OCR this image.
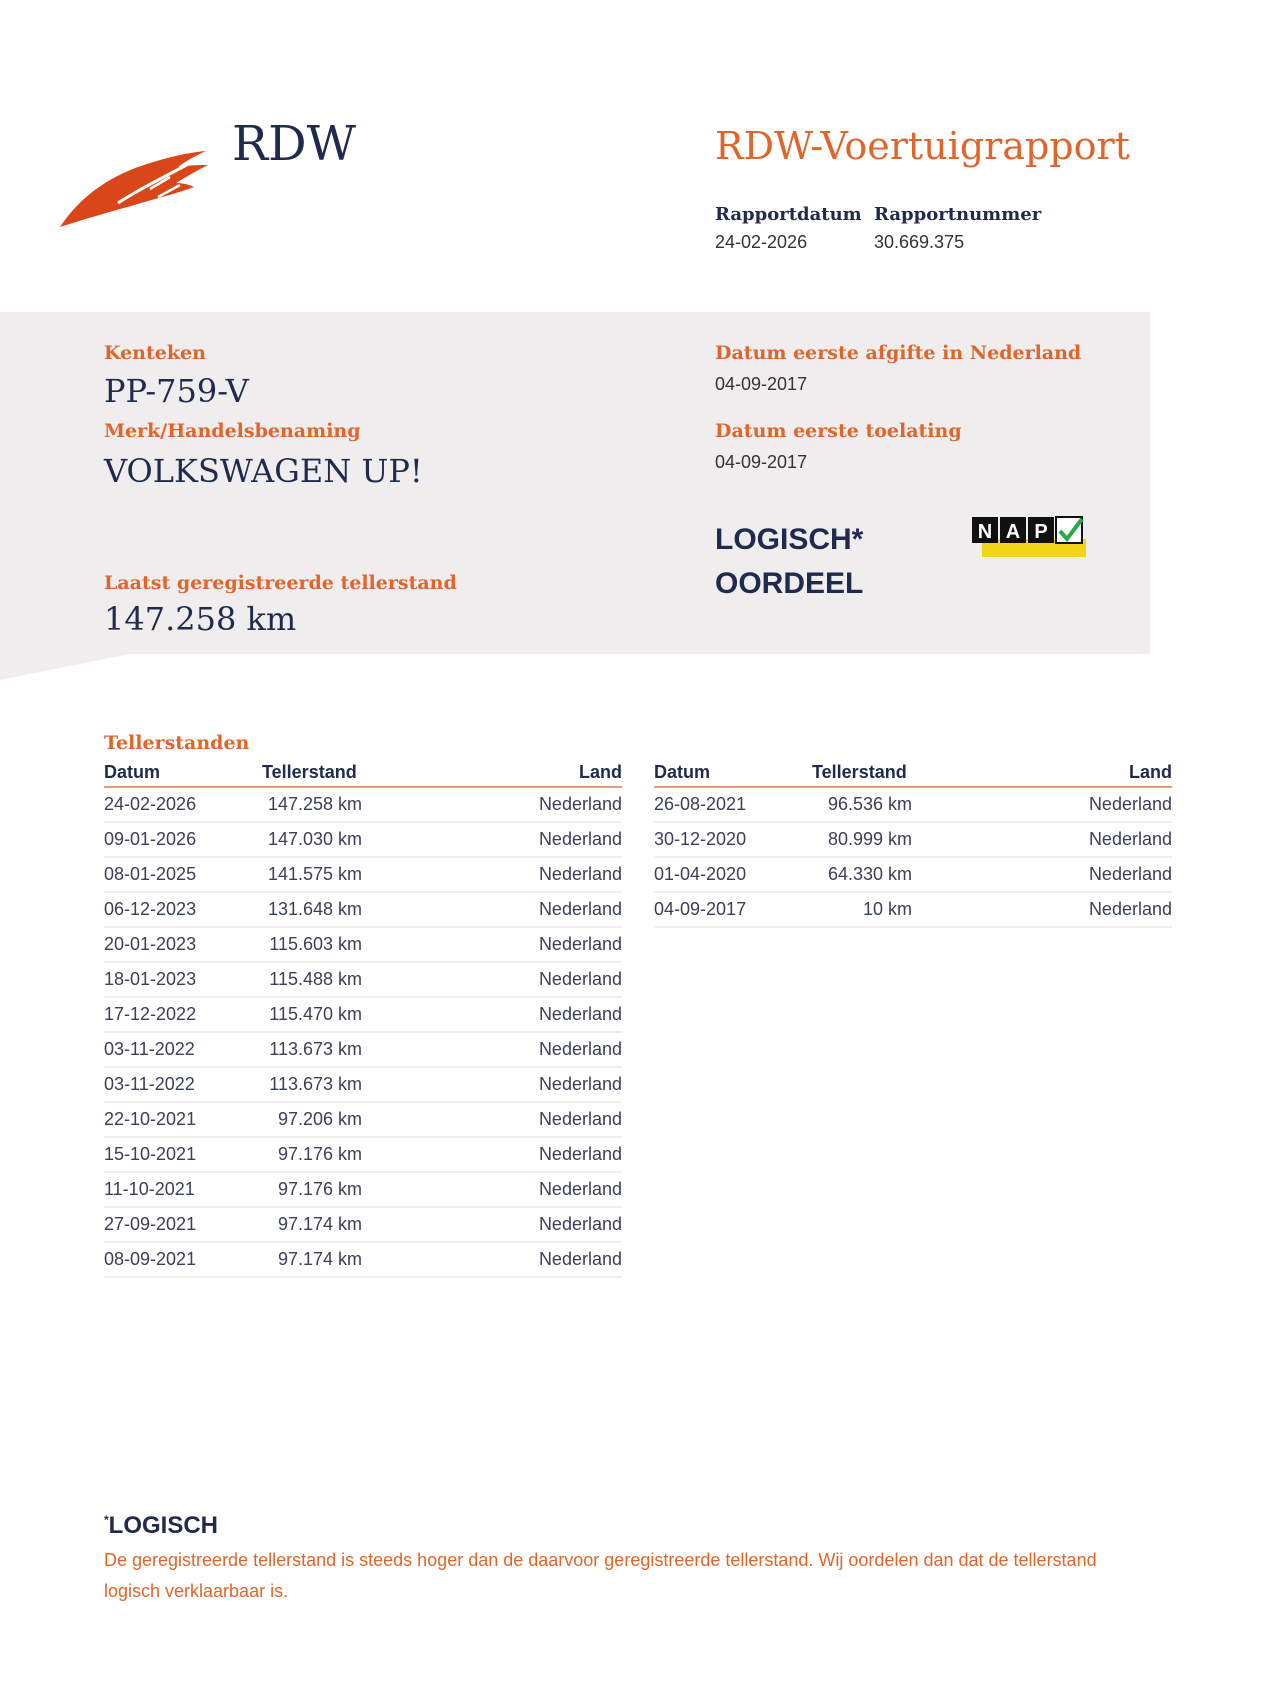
RDW	RDW-Voertuigrapport
Rapportdatum
24-02-2026
Rapportnummer
30.669.375
Kenteken
PP-759-V
Merk/Handelsbenaming
VOLKSWAGEN UP!
Laatst geregistreerde tellerstand
147.258 km
Datum eerste afgifte in Nederland
04-09-2017
Datum eerste toelating
04-09-2017
LOGISCH*
OORDEEL
N A P
Tellerstanden
Datum	Tellerstand	Land
24-02-2026	147.258 km	Nederland
09-01-2026	147.030 km	Nederland
08-01-2025	141.575 km	Nederland
06-12-2023	131.648 km	Nederland
20-01-2023	115.603 km	Nederland
18-01-2023	115.488 km	Nederland
17-12-2022	115.470 km	Nederland
03-11-2022	113.673 km	Nederland
03-11-2022	113.673 km	Nederland
22-10-2021	97.206 km	Nederland
15-10-2021	97.176 km	Nederland
11-10-2021	97.176 km	Nederland
27-09-2021	97.174 km	Nederland
08-09-2021	97.174 km	Nederland
Datum	Tellerstand	Land
26-08-2021	96.536 km	Nederland
30-12-2020	80.999 km	Nederland
01-04-2020	64.330 km	Nederland
04-09-2017	10 km	Nederland
*LOGISCH
De geregistreerde tellerstand is steeds hoger dan de daarvoor geregistreerde tellerstand. Wij oordelen dan dat de tellerstand logisch verklaarbaar is.
